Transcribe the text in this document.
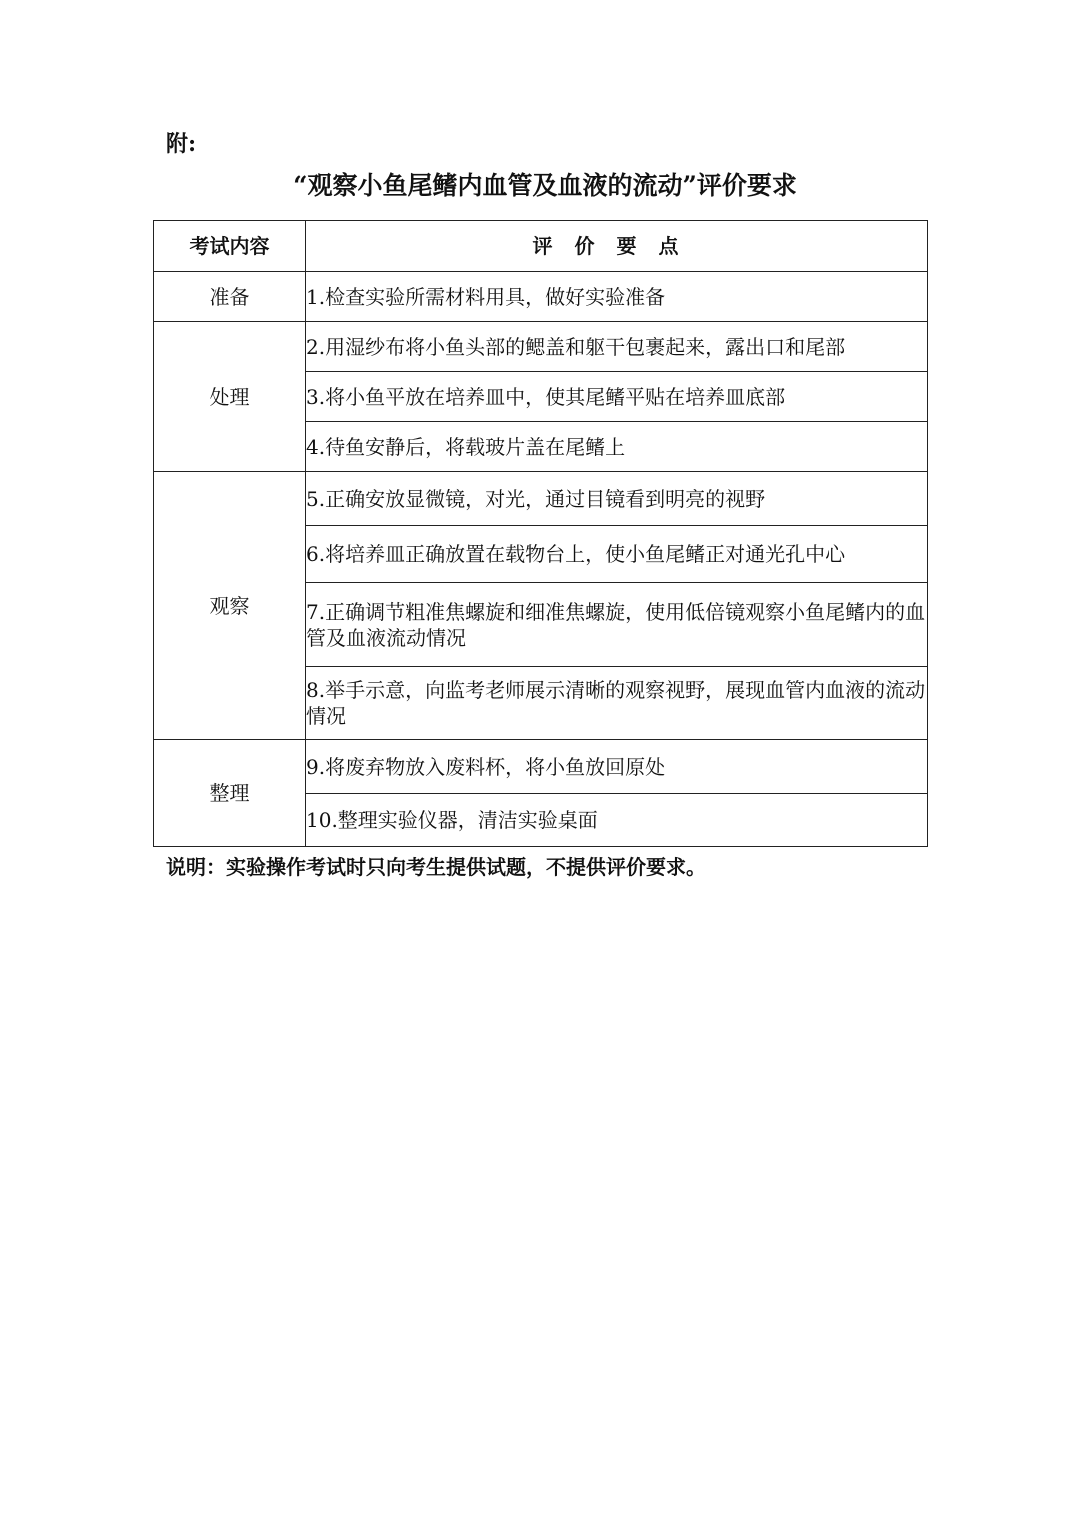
附:
“观察小鱼尾鳍内血管及血液的流动”评价要求
考试内容	评价要点
准备	1.检查实验所需材料用具，做好实验准备
处理	2.用湿纱布将小鱼头部的鳃盖和躯干包裹起来，露出口和尾部
	3.将小鱼平放在培养皿中，使其尾鳍平贴在培养皿底部
	4.待鱼安静后，将载玻片盖在尾鳍上
观察	5.正确安放显微镜，对光，通过目镜看到明亮的视野
	6.将培养皿正确放置在载物台上，使小鱼尾鳍正对通光孔中心
	7.正确调节粗准焦螺旋和细准焦螺旋，使用低倍镜观察小鱼尾鳍内的血管及血液流动情况
	8.举手示意，向监考老师展示清晰的观察视野，展现血管内血液的流动情况
整理	9.将废弃物放入废料杯，将小鱼放回原处
	10.整理实验仪器，清洁实验桌面
说明：实验操作考试时只向考生提供试题，不提供评价要求。
